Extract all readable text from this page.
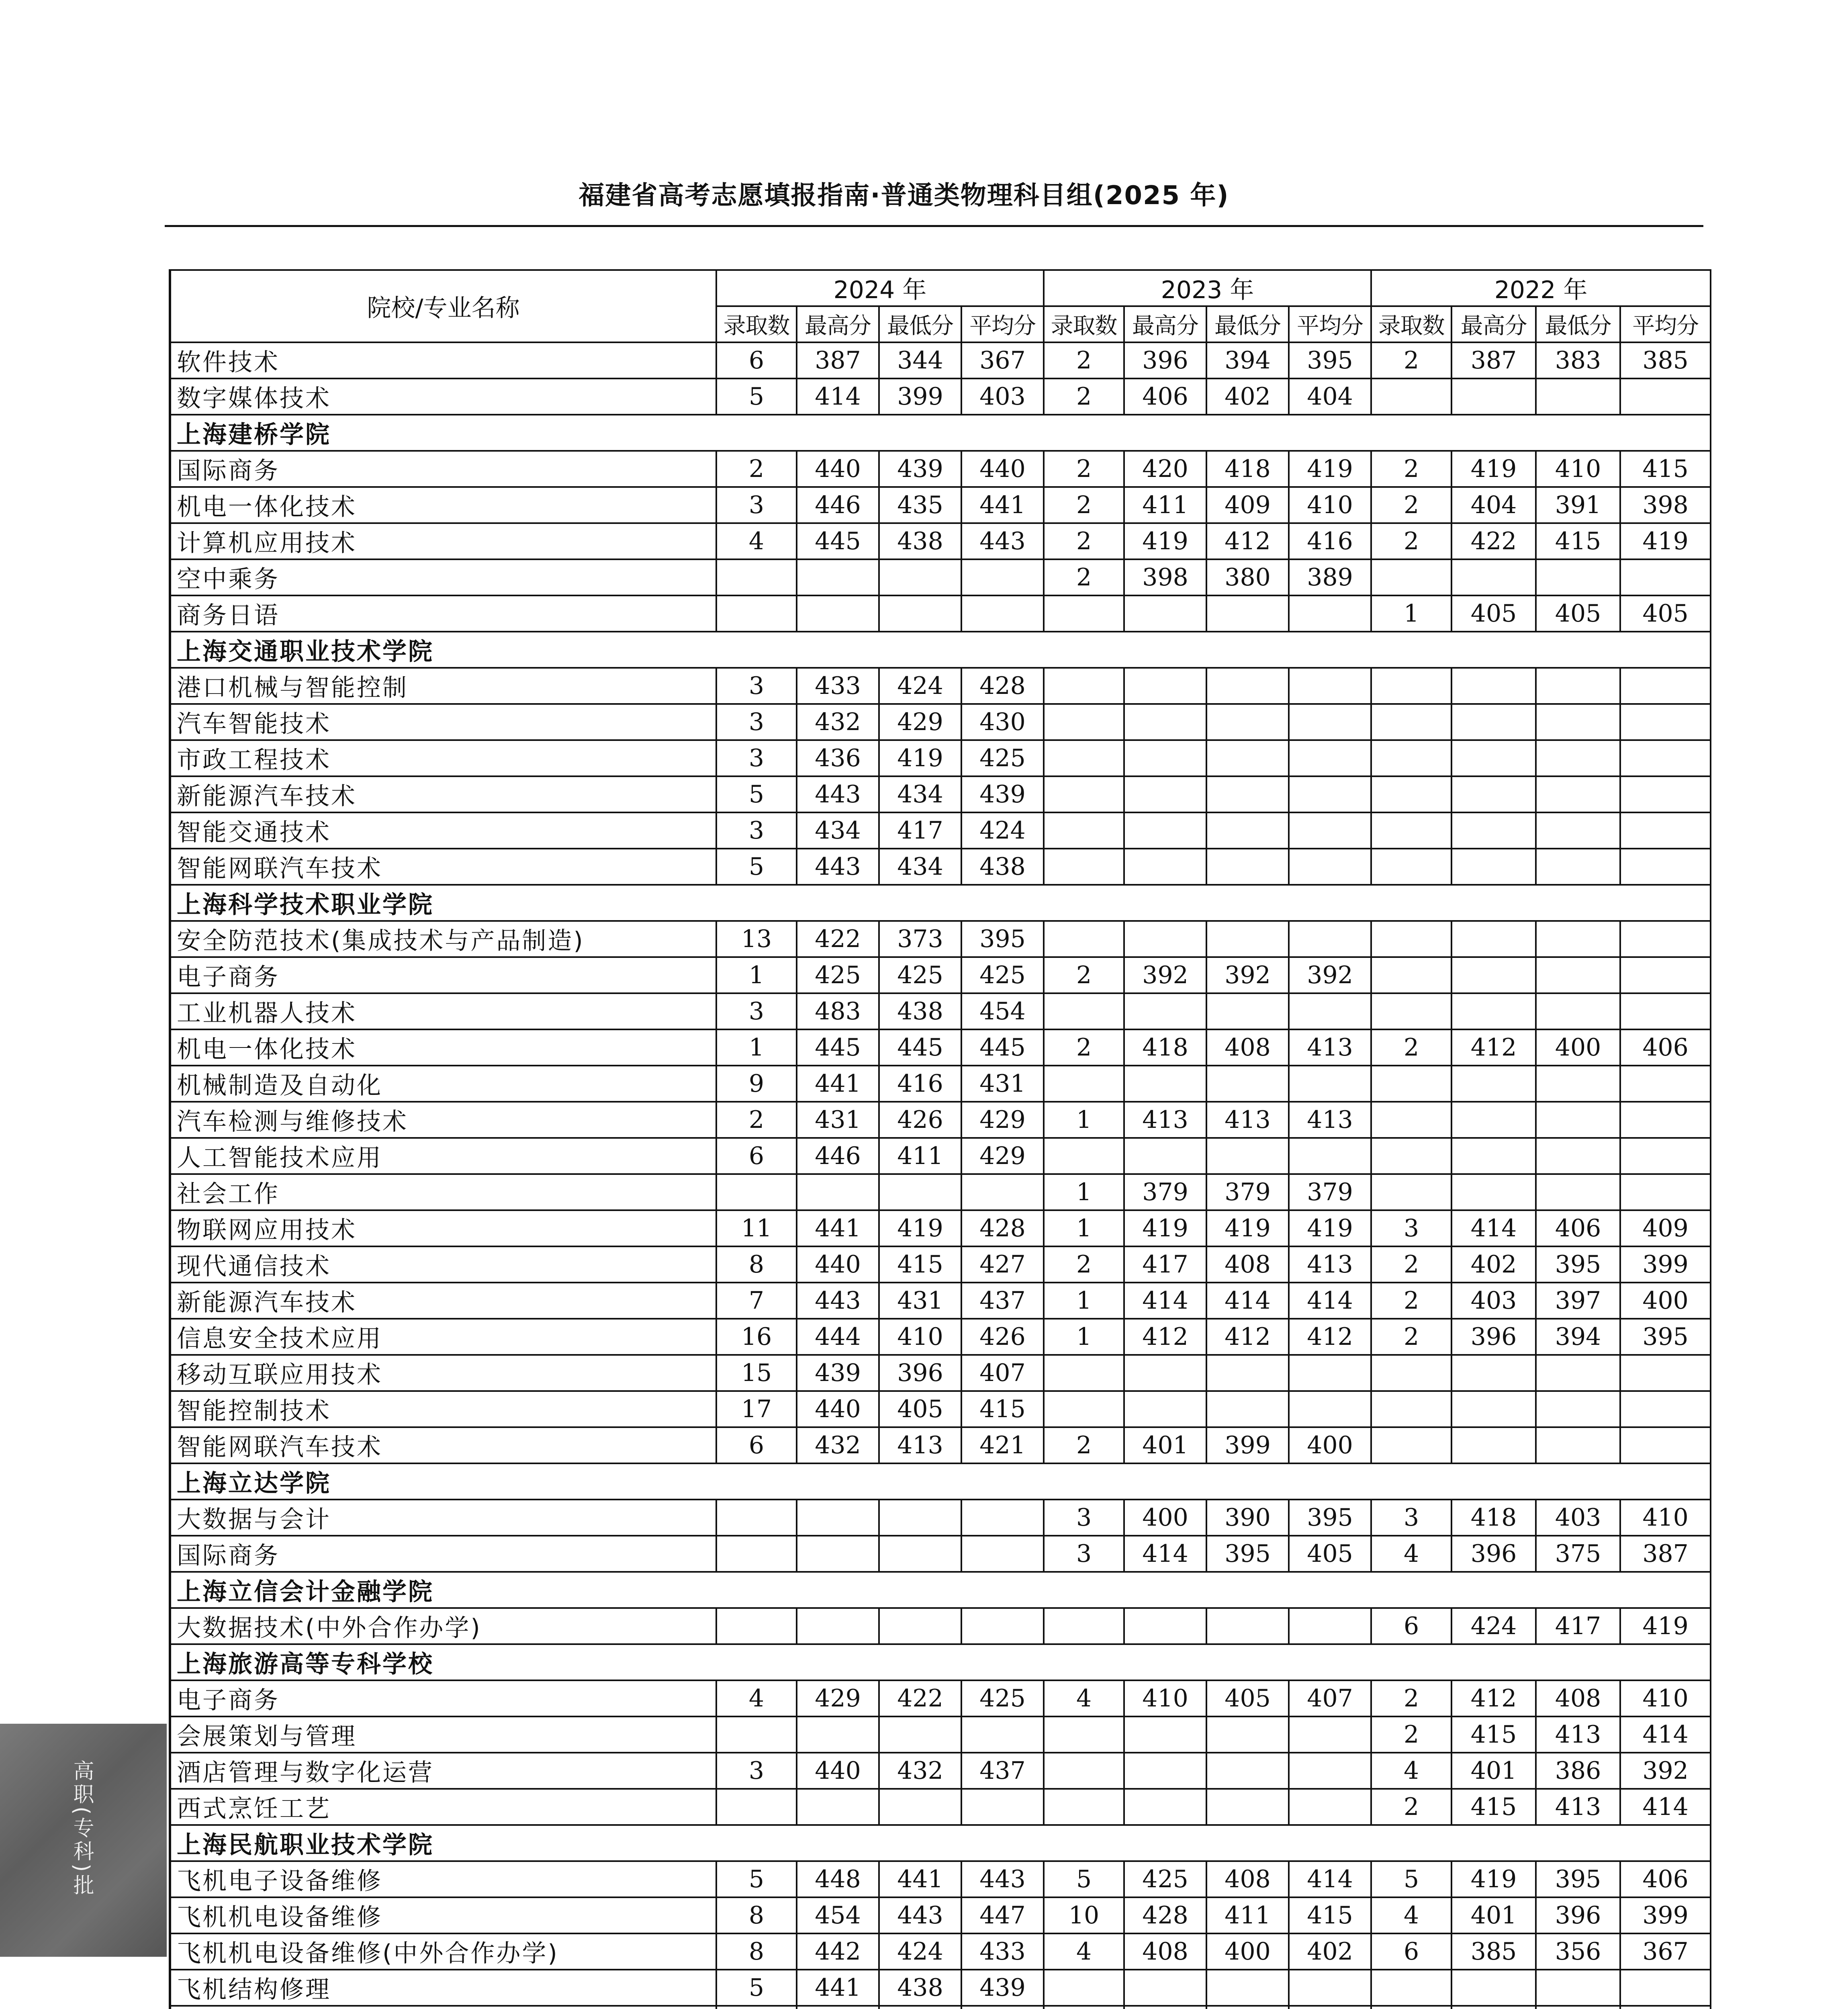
福建省高考志愿填报指南·普通类物理科目组(2025 年)
院校/专业名称	2024 年				2023 年				2022 年			
	录取数	最高分	最低分	平均分	录取数	最高分	最低分	平均分	录取数	最高分	最低分	平均分
软件技术	6	387	344	367	2	396	394	395	2	387	383	385
数字媒体技术	5	414	399	403	2	406	402	404				
上海建桥学院												
国际商务	2	440	439	440	2	420	418	419	2	419	410	415
机电一体化技术	3	446	435	441	2	411	409	410	2	404	391	398
计算机应用技术	4	445	438	443	2	419	412	416	2	422	415	419
空中乘务					2	398	380	389				
商务日语									1	405	405	405
上海交通职业技术学院												
港口机械与智能控制	3	433	424	428								
汽车智能技术	3	432	429	430								
市政工程技术	3	436	419	425								
新能源汽车技术	5	443	434	439								
智能交通技术	3	434	417	424								
智能网联汽车技术	5	443	434	438								
上海科学技术职业学院												
安全防范技术(集成技术与产品制造)	13	422	373	395								
电子商务	1	425	425	425	2	392	392	392				
工业机器人技术	3	483	438	454								
机电一体化技术	1	445	445	445	2	418	408	413	2	412	400	406
机械制造及自动化	9	441	416	431								
汽车检测与维修技术	2	431	426	429	1	413	413	413				
人工智能技术应用	6	446	411	429								
社会工作					1	379	379	379				
物联网应用技术	11	441	419	428	1	419	419	419	3	414	406	409
现代通信技术	8	440	415	427	2	417	408	413	2	402	395	399
新能源汽车技术	7	443	431	437	1	414	414	414	2	403	397	400
信息安全技术应用	16	444	410	426	1	412	412	412	2	396	394	395
移动互联应用技术	15	439	396	407								
智能控制技术	17	440	405	415								
智能网联汽车技术	6	432	413	421	2	401	399	400				
上海立达学院												
大数据与会计					3	400	390	395	3	418	403	410
国际商务					3	414	395	405	4	396	375	387
上海立信会计金融学院												
大数据技术(中外合作办学)									6	424	417	419
上海旅游高等专科学校												
电子商务	4	429	422	425	4	410	405	407	2	412	408	410
会展策划与管理									2	415	413	414
酒店管理与数字化运营	3	440	432	437					4	401	386	392
西式烹饪工艺									2	415	413	414
上海民航职业技术学院												
飞机电子设备维修	5	448	441	443	5	425	408	414	5	419	395	406
飞机机电设备维修	8	454	443	447	10	428	411	415	4	401	396	399
飞机机电设备维修(中外合作办学)	8	442	424	433	4	408	400	402	6	385	356	367
飞机结构修理	5	441	438	439								

高职(专科)批
